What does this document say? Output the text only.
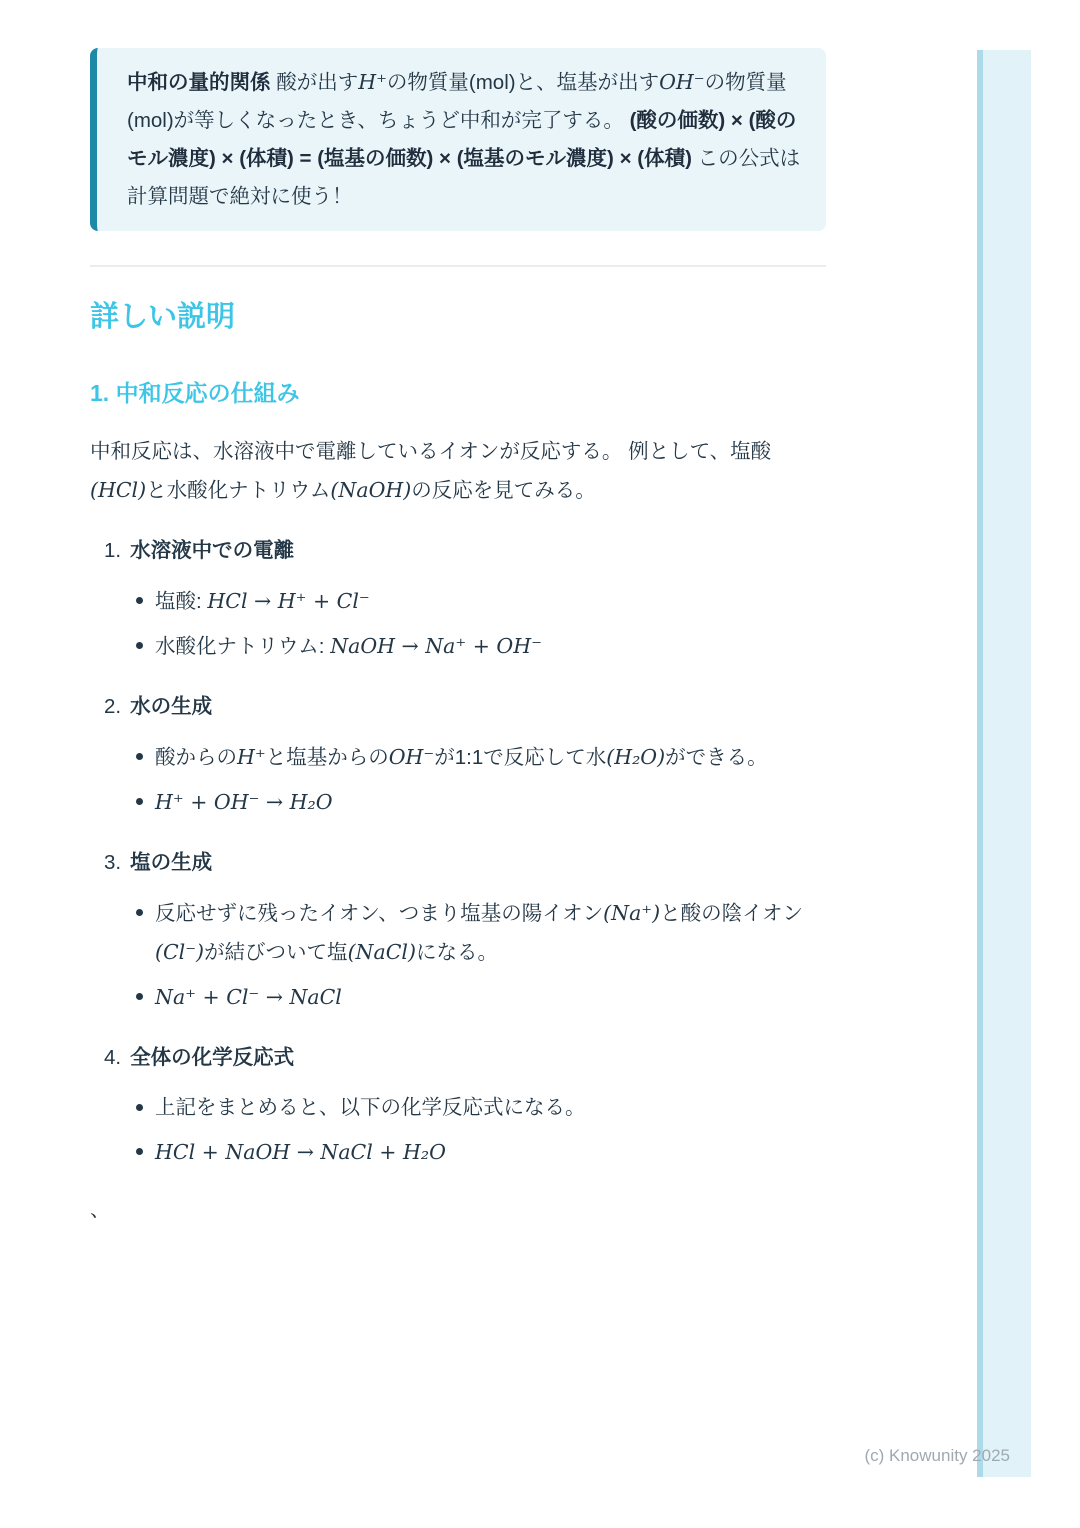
中和の量的関係 酸が出すH⁺の物質量(mol)と、塩基が出すOH⁻の物質量(mol)が等しくなったとき、ちょうど中和が完了する。 (酸の価数) × (酸のモル濃度) × (体積) = (塩基の価数) × (塩基のモル濃度) × (体積) この公式は計算問題で絶対に使う！

詳しい説明
1. 中和反応の仕組み

中和反応は、水溶液中で電離しているイオンが反応する。 例として、塩酸(HCl)と水酸化ナトリウム(NaOH)の反応を見てみる。

1. 水溶液中での電離
塩酸: HCl → H⁺ + Cl⁻
水酸化ナトリウム: NaOH → Na⁺ + OH⁻
2. 水の生成
酸からのH⁺と塩基からのOH⁻が1:1で反応して水(H₂O)ができる。
H⁺ + OH⁻ → H₂O
3. 塩の生成
反応せずに残ったイオン、つまり塩基の陽イオン(Na⁺)と酸の陰イオン(Cl⁻)が結びついて塩(NaCl)になる。
Na⁺ + Cl⁻ → NaCl
4. 全体の化学反応式
上記をまとめると、以下の化学反応式になる。
HCl + NaOH → NaCl + H₂O
、
(c) Knowunity 2025
